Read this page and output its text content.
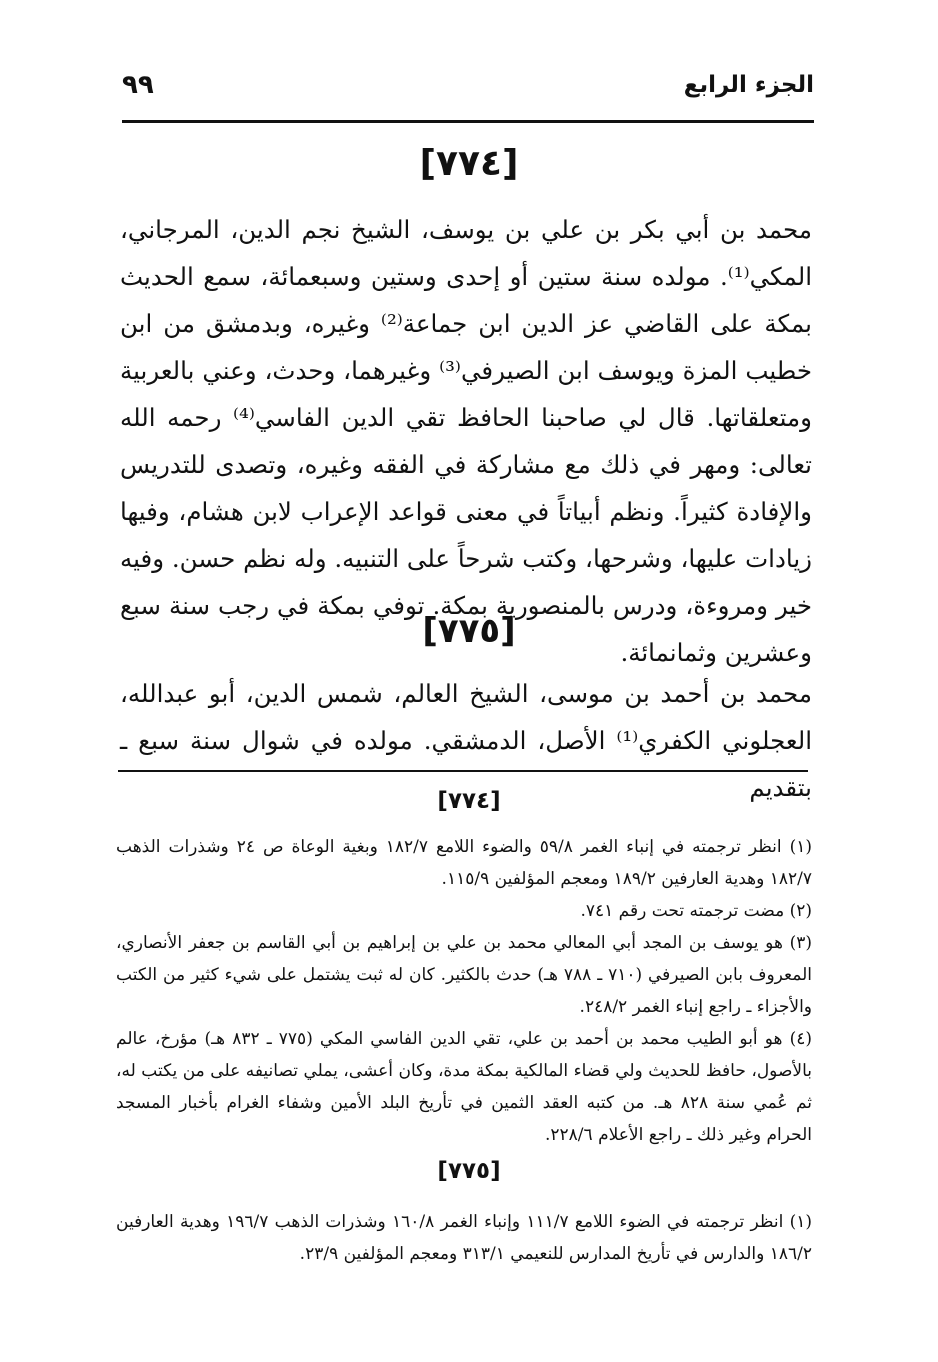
الجزء الرابع
٩٩
[٧٧٤]

محمد بن أبي بكر بن علي بن يوسف، الشيخ نجم الدين، المرجاني، المكي⁽¹⁾. مولده سنة ستين أو إحدى وستين وسبعمائة، سمع الحديث بمكة على القاضي عز الدين ابن جماعة⁽²⁾ وغيره، وبدمشق من ابن خطيب المزة ويوسف ابن الصيرفي⁽³⁾ وغيرهما، وحدث، وعني بالعربية ومتعلقاتها. قال لي صاحبنا الحافظ تقي الدين الفاسي⁽⁴⁾ رحمه الله تعالى: ومهر في ذلك مع مشاركة في الفقه وغيره، وتصدى للتدريس والإفادة كثيراً. ونظم أبياتاً في معنى قواعد الإعراب لابن هشام، وفيها زيادات عليها، وشرحها، وكتب شرحاً على التنبيه. وله نظم حسن. وفيه خير ومروءة، ودرس بالمنصورية بمكة. توفي بمكة في رجب سنة سبع وعشرين وثمانمائة.

[٧٧٥]

محمد بن أحمد بن موسى، الشيخ العالم، شمس الدين، أبو عبدالله، العجلوني الكفري⁽¹⁾ الأصل، الدمشقي. مولده في شوال سنة سبع ـ بتقديم

[٧٧٤]

(١) انظر ترجمته في إنباء الغمر ٥٩/٨ والضوء اللامع ١٨٢/٧ وبغية الوعاة ص ٢٤ وشذرات الذهب ١٨٢/٧ وهدية العارفين ١٨٩/٢ ومعجم المؤلفين ١١٥/٩.

(٢) مضت ترجمته تحت رقم ٧٤١.

(٣) هو يوسف بن المجد أبي المعالي محمد بن علي بن إبراهيم بن أبي القاسم بن جعفر الأنصاري، المعروف بابن الصيرفي (٧١٠ ـ ٧٨٨ هـ) حدث بالكثير. كان له ثبت يشتمل على شيء كثير من الكتب والأجزاء ـ راجع إنباء الغمر ٢٤٨/٢.

(٤) هو أبو الطيب محمد بن أحمد بن علي، تقي الدين الفاسي المكي (٧٧٥ ـ ٨٣٢ هـ) مؤرخ، عالم بالأصول، حافظ للحديث ولي قضاء المالكية بمكة مدة، وكان أعشى، يملي تصانيفه على من يكتب له، ثم عُمي سنة ٨٢٨ هـ. من كتبه العقد الثمين في تأريخ البلد الأمين وشفاء الغرام بأخبار المسجد الحرام وغير ذلك ـ راجع الأعلام ٢٢٨/٦.

[٧٧٥]

(١) انظر ترجمته في الضوء اللامع ١١١/٧ وإنباء الغمر ١٦٠/٨ وشذرات الذهب ١٩٦/٧ وهدية العارفين ١٨٦/٢ والدارس في تأريخ المدارس للنعيمي ٣١٣/١ ومعجم المؤلفين ٢٣/٩.
